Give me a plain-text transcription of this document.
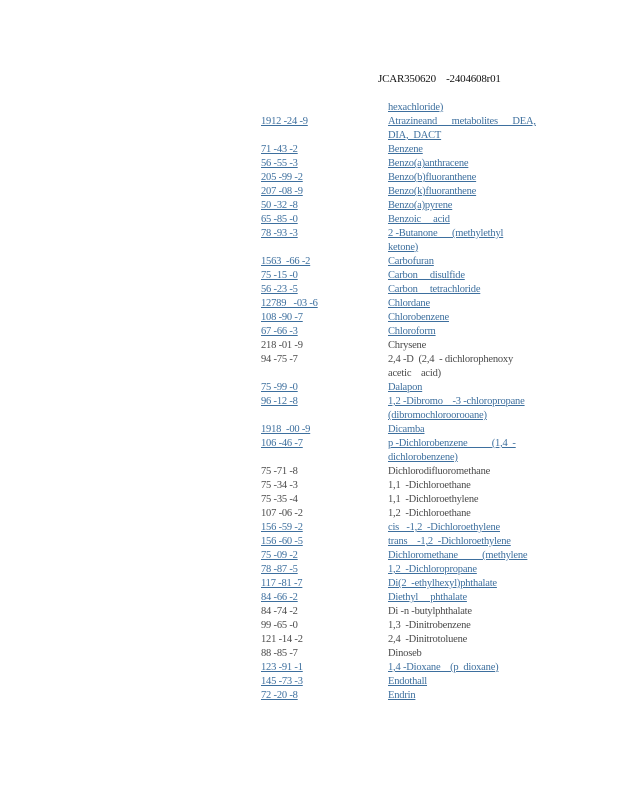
JCAR350620    -2404608r01
hexachloride)
1912 -24 -9	Atrazineand      metabolites      DEA,
DIA,  DACT
71 -43 -2	Benzene
56 -55 -3	Benzo(a)anthracene
205 -99 -2	Benzo(b)fluoranthene
207 -08 -9	Benzo(k)fluoranthene
50 -32 -8	Benzo(a)pyrene
65 -85 -0	Benzoic     acid
78 -93 -3	2 -Butanone      (methylethyl
ketone)
1563  -66 -2	Carbofuran
75 -15 -0	Carbon     disulfide
56 -23 -5	Carbon     tetrachloride
12789   -03 -6	Chlordane
108 -90 -7	Chlorobenzene
67 -66 -3	Chloroform
218 -01 -9	Chrysene
94 -75 -7	2,4 -D  (2,4  - dichlorophenoxy
acetic    acid)
75 -99 -0	Dalapon
96 -12 -8	1,2 -Dibromo    -3 -chloropropane
(dibromochloroorooane)
1918  -00 -9	Dicamba
106 -46 -7	p -Dichlorobenzene          (1,4  -
dichlorobenzene)
75 -71 -8	Dichlorodifluoromethane
75 -34 -3	1,1  -Dichloroethane
75 -35 -4	1,1  -Dichloroethylene
107 -06 -2	1,2  -Dichloroethane
156 -59 -2	cis   -1,2  -Dichloroethylene
156 -60 -5	trans    -1,2  -Dichloroethylene
75 -09 -2	Dichloromethane          (methylene
78 -87 -5	1,2  -Dichloropropane
117 -81 -7	Di(2  -ethylhexyl)phthalate
84 -66 -2	Diethyl     phthalate
84 -74 -2	Di -n -butylphthalate
99 -65 -0	1,3  -Dinitrobenzene
121 -14 -2	2,4  -Dinitrotoluene
88 -85 -7	Dinoseb
123 -91 -1	1,4 -Dioxane    (p  dioxane)
145 -73 -3	Endothall
72 -20 -8	Endrin
